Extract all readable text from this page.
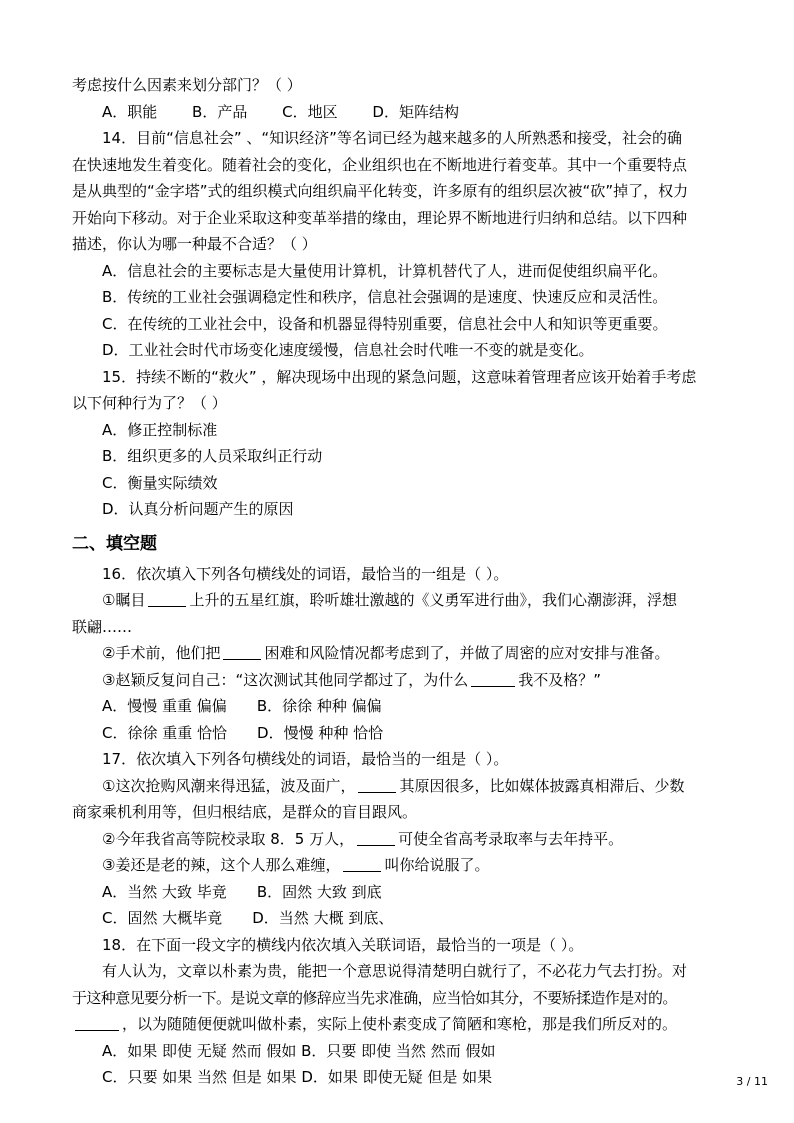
考虑按什么因素来划分部门？（ ）
A．职能 B．产品 C．地区 D．矩阵结构
14．目前“信息社会” 、“知识经济”等名词已经为越来越多的人所熟悉和接受，社会的确
在快速地发生着变化。随着社会的变化，企业组织也在不断地进行着变革。其中一个重要特点
是从典型的“金字塔”式的组织模式向组织扁平化转变，许多原有的组织层次被“砍”掉了，权力
开始向下移动。对于企业采取这种变革举措的缘由，理论界不断地进行归纳和总结。以下四种
描述，你认为哪一种最不合适？（ ）
A．信息社会的主要标志是大量使用计算机，计算机替代了人，进而促使组织扁平化。
B．传统的工业社会强调稳定性和秩序，信息社会强调的是速度、快速反应和灵活性。
C．在传统的工业社会中，设备和机器显得特别重要，信息社会中人和知识等更重要。
D．工业社会时代市场变化速度缓慢，信息社会时代唯一不变的就是变化。
15．持续不断的“救火” ，解决现场中出现的紧急问题，这意味着管理者应该开始着手考虑
以下何种行为了？（ ）
A．修正控制标准
B．组织更多的人员采取纠正行动
C．衡量实际绩效
D．认真分析问题产生的原因
二、填空题
16．依次填入下列各句横线处的词语，最恰当的一组是（ ）。
①瞩目	上升的五星红旗，聆听雄壮激越的《义勇军进行曲》，我们心潮澎湃，浮想
联翩……
②手术前，他们把	困难和风险情况都考虑到了，并做了周密的应对安排与准备。
③赵颖反复问自己：“这次测试其他同学都过了，为什么	我不及格？”
A．慢慢 重重 偏偏 B．徐徐 种种 偏偏
C．徐徐 重重 恰恰 D．慢慢 种种 恰恰
17．依次填入下列各句横线处的词语，最恰当的一组是（ ）。
①这次抢购风潮来得迅猛，波及面广，	其原因很多，比如媒体披露真相滞后、少数
商家乘机利用等，但归根结底，是群众的盲目跟风。
②今年我省高等院校录取 8．5 万人，	可使全省高考录取率与去年持平。
③姜还是老的辣，这个人那么难缠，	叫你给说服了。
A．当然 大致 毕竟 B．固然 大致 到底
C．固然 大概毕竟 D．当然 大概 到底、
18．在下面一段文字的横线内依次填入关联词语，最恰当的一项是（ ）。
有人认为，文章以朴素为贵，能把一个意思说得清楚明白就行了，不必花力气去打扮。对
于这种意见要分析一下。是说文章的修辞应当先求准确，应当恰如其分，不要矫揉造作是对的。
，以为随随便便就叫做朴素，实际上使朴素变成了简陋和寒枪，那是我们所反对的。
A．如果 即使 无疑 然而 假如 B．只要 即使 当然 然而 假如
C．只要 如果 当然 但是 如果 D．如果 即使无疑 但是 如果	3 / 11
